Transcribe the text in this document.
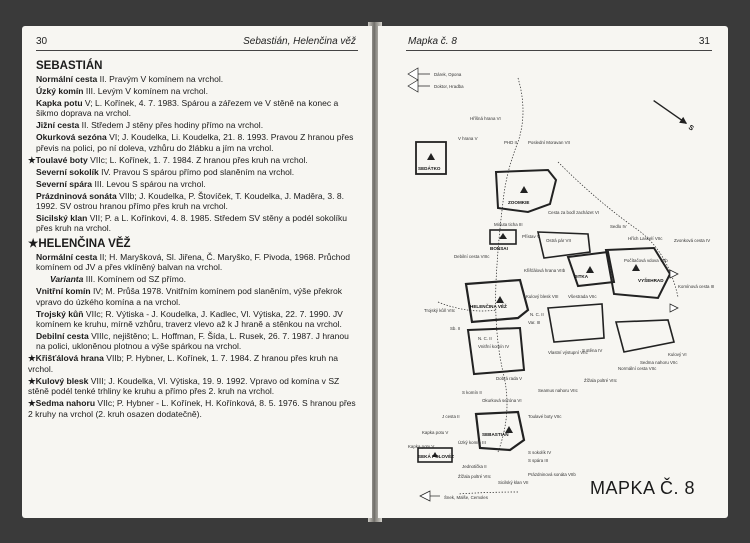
30	Sebastián, Helenčina věž
SEBASTIÁN
Normální cesta II. Pravým V komínem na vrchol.
Úzký komín III. Levým V komínem na vrchol.
Kapka potu V; L. Kořínek, 4. 7. 1983. Spárou a zářezem ve V stěně na konec a šikmo doprava na vrchol.
Jižní cesta II. Středem J stěny přes hodiny přímo na vrchol.
Okurková sezóna VI; J. Koudelka, Li. Koudelka, 21. 8. 1993. Pravou Z hranou přes převis na polici, po ní doleva, vzhůru do žlábku a jím na vrchol.
★Toulavé boty VIIc; L. Kořínek, 1. 7. 1984. Z hranou přes kruh na vrchol.
Severní sokolík IV. Pravou S spárou přímo pod slaněním na vrchol.
Severní spára III. Levou S spárou na vrchol.
Prázdninová sonáta VIIb; J. Koudelka, P. Štovíček, T. Koudelka, J. Maděra, 3. 8. 1992. SV ostrou hranou přímo přes kruh na vrchol.
Sicilský klan VII; P. a L. Kořínkovi, 4. 8. 1985. Středem SV stěny a podél sokolíku přes kruh na vrchol.
★HELENČINA VĚŽ
Normální cesta II; H. Maryšková, Sl. Jiřena, Č. Maryško, F. Pivoda, 1968. Průchod komínem od JV a přes vklíněný balvan na vrchol.
Varianta III. Komínem od SZ přímo.
Vnitřní komín IV; M. Průša 1978. Vnitřním komínem pod slaněním, výše překrok vpravo do úzkého komína a na vrchol.
Trojský kůň VIIc; R. Výtiska - J. Koudelka, J. Kadlec, Vl. Výtiska, 22. 7. 1990. JV komínem ke kruhu, mírně vzhůru, traverz vlevo až k J hraně a stěnkou na vrchol.
Debilní cesta VIIIc, nejištěno; L. Hoffman, F. Šída, L. Rusek, 26. 7. 1987. J hranou na polici, ukloněnou plotnou a výše spárkou na vrchol.
★Křišťálová hrana VIIb; P. Hybner, L. Kořínek, 1. 7. 1984. Z hranou přes kruh na vrchol.
★Kulový blesk VIII; J. Koudelka, Vl. Výtiska, 19. 9. 1992. Vpravo od komína v SZ stěně podél tenké trhliny ke kruhu a přímo přes 2. kruh na vrchol.
★Sedma nahoru VIIc; P. Hybner - L. Kořínek, H. Kořínková, 8. 5. 1976. S hranou přes 2 kruhy na vrchol (2. kruh osazen dodatečně).
Mapka č. 8	31
S
Dárek, Opona
Doktor, Hradba
Hříšná hrana VI
SEDÁTKO
V hrana V
PHD II	Poslední Moravan VII
ZOOMKIE
Minuta ticha III
BONSAI
Přístav V
Cesta za bodl zacházet VI
Sedlo IV
Ostrá pár VII	Hřích Laskelí VIIc	Zvonková cesta IV
Debilní cesta VIIIc
DITKA
Počítačová vdova VIIb
VYŠEHRAD
Komínová cesta III
Křišťálová hrana VIIb
Všestrada VIIc
Kulový blesk VIII
HELENČINA VĚŽ
Trojský kůň VIIc
N. C. II
Var. III
Sb. II
N. C. II
Vnitřní komín IV
Vlastní výstupní VIIc
S stěna IV
Kulový VI
SEBASTIÁN
Dobrá rada V
S komín II
Normální cesta VIIc
Sedma nahoru VIIc
Žížala poltré VIIc
Seamus nahoru VIIc
Okurková sezóna VI
J cesta II	Toulavé boty VIIc
Kapka potu V
Úzký komín III
S sokolík IV
S spára III
Prázdninová sonáta VIIb
Jednotička II
Žížala poltré VIIc
Sicilský klan VII
SEKÁ POLOVÉZ
Kapka potu V
Šnek, Malše, Cemoles	MAPKA Č. 8
